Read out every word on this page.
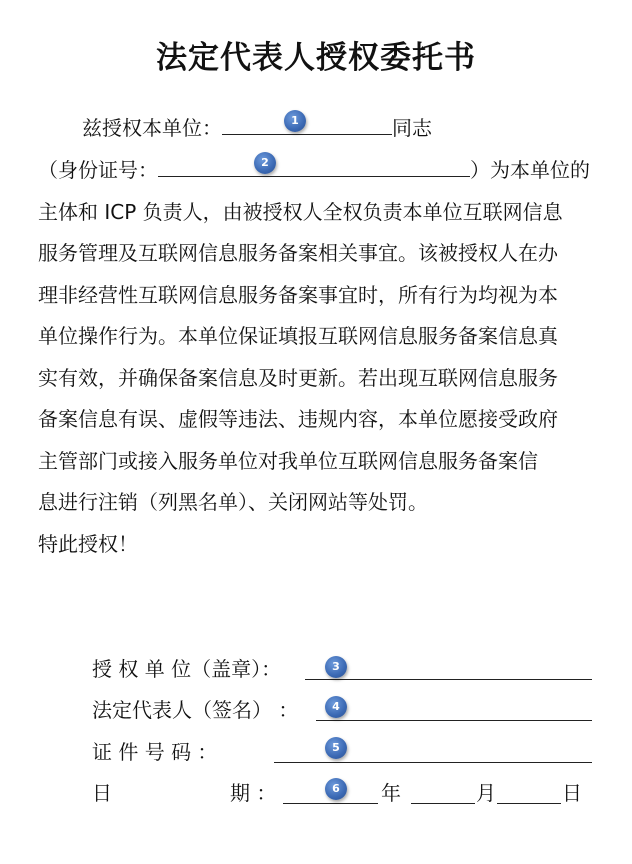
法定代表人授权委托书
兹授权本单位：	同志
（身份证号：	）为本单位的
主体和 ICP 负责人，由被授权人全权负责本单位互联网信息
服务管理及互联网信息服务备案相关事宜。该被授权人在办
理非经营性互联网信息服务备案事宜时，所有行为均视为本
单位操作行为。本单位保证填报互联网信息服务备案信息真
实有效，并确保备案信息及时更新。若出现互联网信息服务
备案信息有误、虚假等违法、违规内容，本单位愿接受政府
主管部门或接入服务单位对我单位互联网信息服务备案信
息进行注销（列黑名单）、关闭网站等处罚。
特此授权！
授 权 单 位（盖章）：
法定代表人（签名） ：
证 件 号 码 ：
日	期 ：	年	月	日
1
2
3
4
5
6
